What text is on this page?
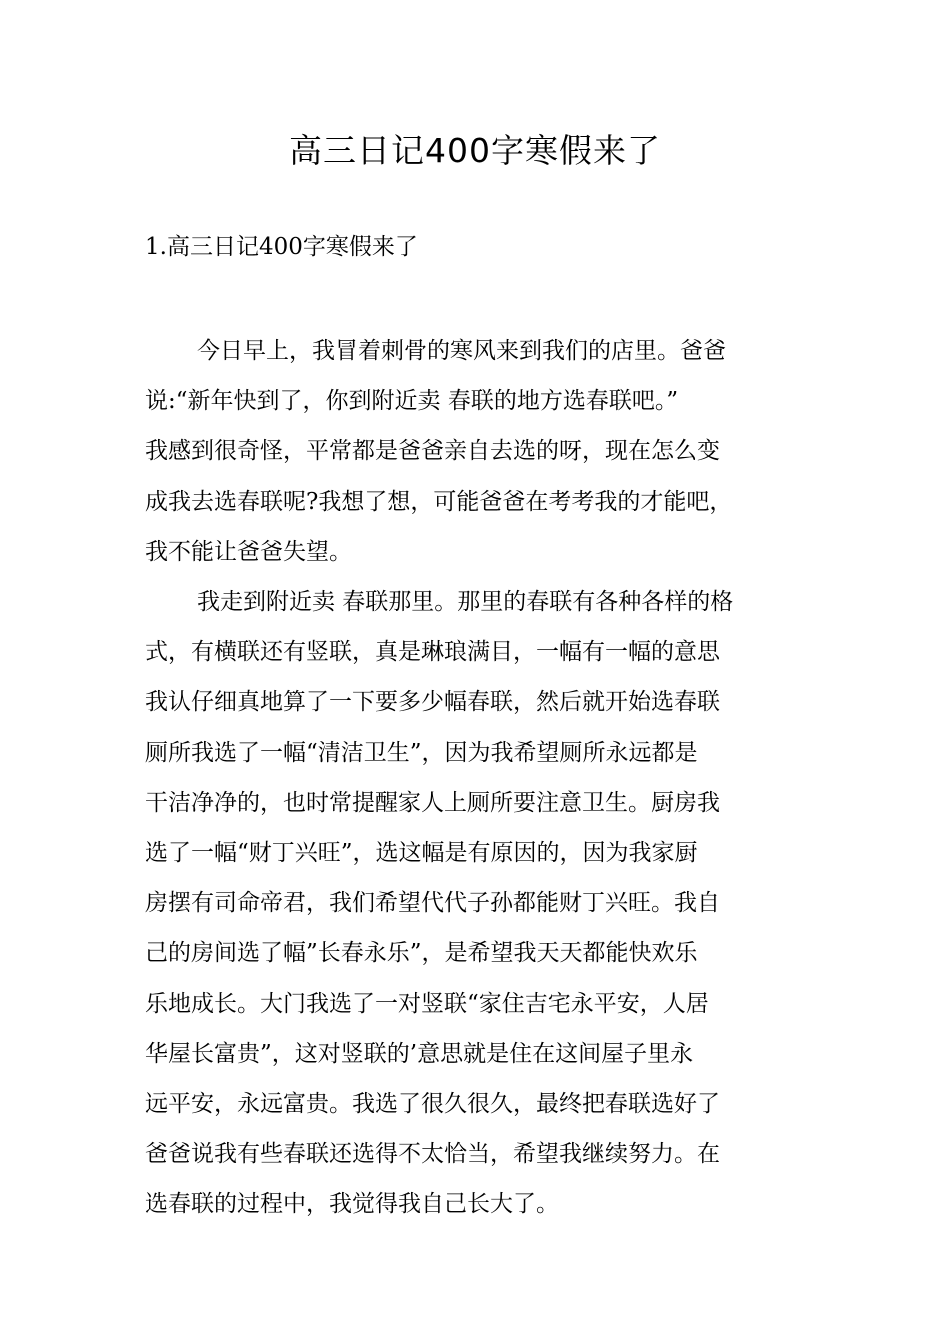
高三日记400字寒假来了
1.高三日记400字寒假来了
今日早上，我冒着刺骨的寒风来到我们的店里。爸爸
说:“新年快到了，你到附近卖 春联的地方选春联吧。”
我感到很奇怪，平常都是爸爸亲自去选的呀，现在怎么变
成我去选春联呢?我想了想，可能爸爸在考考我的才能吧，
我不能让爸爸失望。
我走到附近卖 春联那里。那里的春联有各种各样的格
式，有横联还有竖联，真是琳琅满目，一幅有一幅的意思
我认仔细真地算了一下要多少幅春联，然后就开始选春联
厕所我选了一幅“清洁卫生”，因为我希望厕所永远都是
干洁净净的，也时常提醒家人上厕所要注意卫生。厨房我
选了一幅“财丁兴旺”，选这幅是有原因的，因为我家厨
房摆有司命帝君，我们希望代代子孙都能财丁兴旺。我自
己的房间选了幅”长春永乐”，是希望我天天都能快欢乐
乐地成长。大门我选了一对竖联“家住吉宅永平安，人居
华屋长富贵”，这对竖联的’意思就是住在这间屋子里永
远平安，永远富贵。我选了很久很久，最终把春联选好了
爸爸说我有些春联还选得不太恰当，希望我继续努力。在
选春联的过程中，我觉得我自己长大了。
